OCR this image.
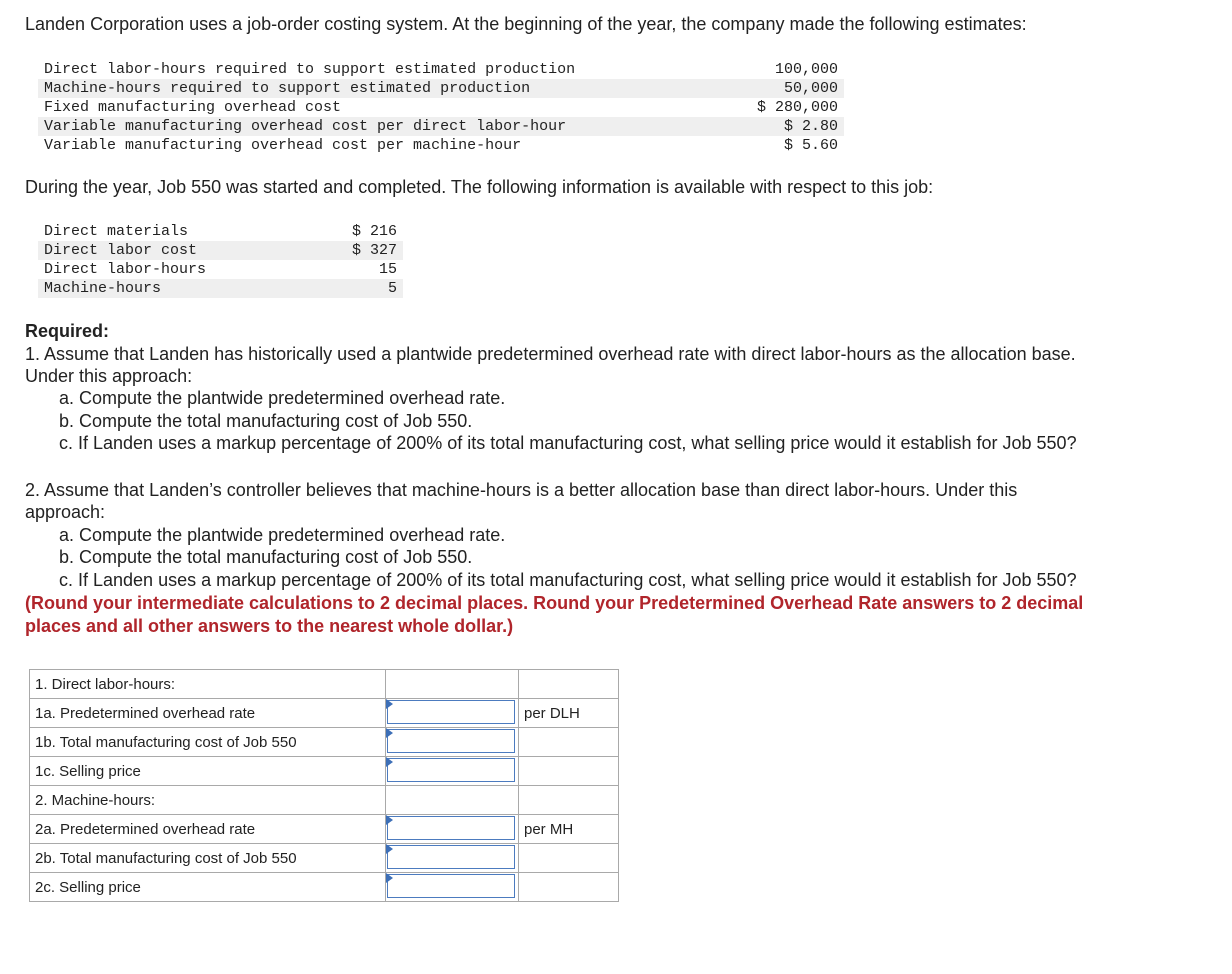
Landen Corporation uses a job-order costing system. At the beginning of the year, the company made the following estimates:

Direct labor-hours required to support estimated production	100,000
Machine-hours required to support estimated production	50,000
Fixed manufacturing overhead cost	$ 280,000
Variable manufacturing overhead cost per direct labor-hour	$ 2.80
Variable manufacturing overhead cost per machine-hour	$ 5.60

During the year, Job 550 was started and completed. The following information is available with respect to this job:

Direct materials	$ 216
Direct labor cost	$ 327
Direct labor-hours	15
Machine-hours	5

Required:

1. Assume that Landen has historically used a plantwide predetermined overhead rate with direct labor-hours as the allocation base.

Under this approach:

a. Compute the plantwide predetermined overhead rate.

b. Compute the total manufacturing cost of Job 550.

c. If Landen uses a markup percentage of 200% of its total manufacturing cost, what selling price would it establish for Job 550?

2. Assume that Landen’s controller believes that machine-hours is a better allocation base than direct labor-hours. Under this

approach:

a. Compute the plantwide predetermined overhead rate.

b. Compute the total manufacturing cost of Job 550.

c. If Landen uses a markup percentage of 200% of its total manufacturing cost, what selling price would it establish for Job 550?

(Round your intermediate calculations to 2 decimal places. Round your Predetermined Overhead Rate answers to 2 decimal

places and all other answers to the nearest whole dollar.)

1. Direct labor-hours:		
1a. Predetermined overhead rate		per DLH
1b. Total manufacturing cost of Job 550	

1c. Selling price	

2. Machine-hours:		
2a. Predetermined overhead rate		per MH
2b. Total manufacturing cost of Job 550	

2c. Selling price	
